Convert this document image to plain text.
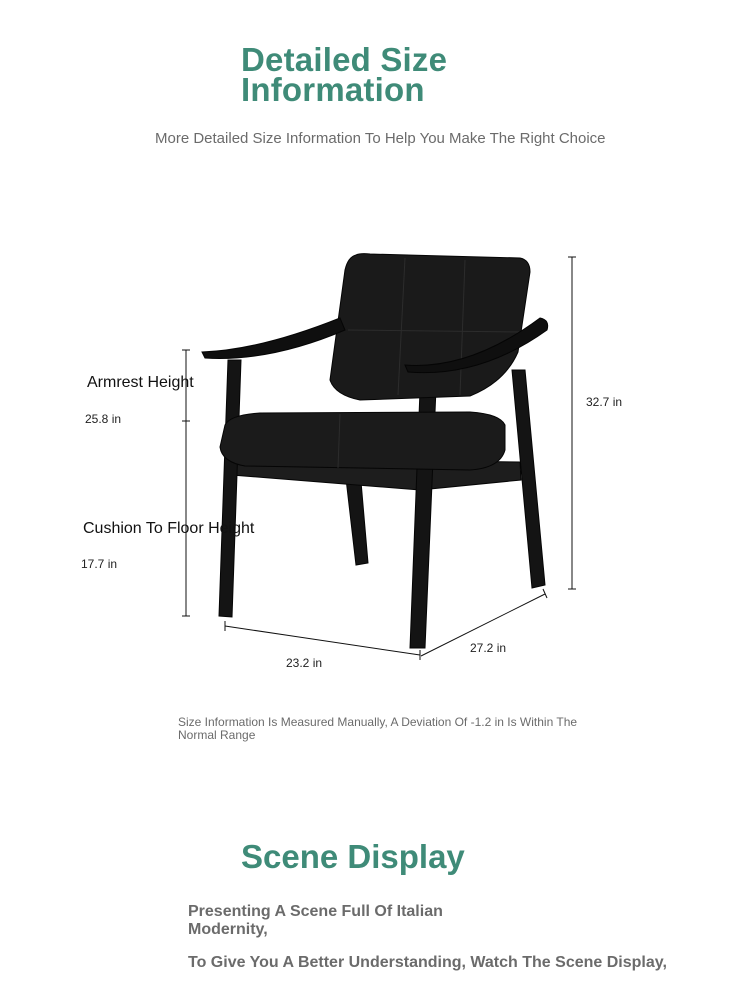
Detailed Size Information
More Detailed Size Information To Help You Make The Right Choice
Armrest Height
25.8 in
Cushion To Floor Height
17.7 in
32.7 in
23.2 in
27.2 in
Size Information Is Measured Manually, A Deviation Of -1.2 in Is Within The Normal Range
Scene Display
Presenting A Scene Full Of Italian Modernity,
To Give You A Better Understanding, Watch The Scene Display,
